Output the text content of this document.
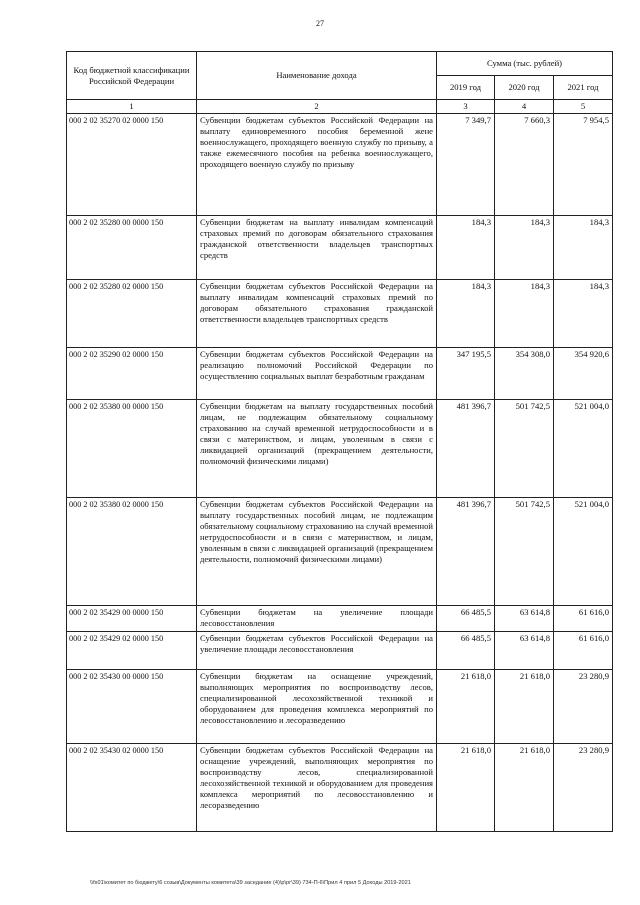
27
Код бюджетной классификации Российской Федерации	Наименование дохода	Сумма (тыс. рублей)		
		2019 год	2020 год	2021 год
1	2	3	4	5
000 2 02 35270 02 0000 150	Субвенции бюджетам субъектов Российской Федерации на выплату единовременного пособия беременной жене военнослужащего, проходящего военную службу по призыву, а также ежемесячного пособия на ребенка военнослужащего, проходящего военную службу по призыву	7 349,7	7 660,3	7 954,5
000 2 02 35280 00 0000 150	Субвенции бюджетам на выплату инвалидам компенсаций страховых премий по договорам обязательного страхования гражданской ответственности владельцев транспортных средств	184,3	184,3	184,3
000 2 02 35280 02 0000 150	Субвенции бюджетам субъектов Российской Федерации на выплату инвалидам компенсаций страховых премий по договорам обязательного страхования гражданской ответственности владельцев транспортных средств	184,3	184,3	184,3
000 2 02 35290 02 0000 150	Субвенции бюджетам субъектов Российской Федерации на реализацию полномочий Российской Федерации по осуществлению социальных выплат безработным гражданам	347 195,5	354 308,0	354 920,6
000 2 02 35380 00 0000 150	Субвенции бюджетам на выплату государственных пособий лицам, не подлежащим обязательному социальному страхованию на случай временной нетрудоспособности и в связи с материнством, и лицам, уволенным в связи с ликвидацией организаций (прекращением деятельности, полномочий физическими лицами)	481 396,7	501 742,5	521 004,0
000 2 02 35380 02 0000 150	Субвенции бюджетам субъектов Российской Федерации на выплату государственных пособий лицам, не подлежащим обязательному социальному страхованию на случай временной нетрудоспособности и в связи с материнством, и лицам, уволенным в связи с ликвидацией организаций (прекращением деятельности, полномочий физическими лицами)	481 396,7	501 742,5	521 004,0
000 2 02 35429 00 0000 150	Субвенции бюджетам на увеличение площади лесовосстановления	66 485,5	63 614,8	61 616,0
000 2 02 35429 02 0000 150	Субвенции бюджетам субъектов Российской Федерации на увеличение площади лесовосстановления	66 485,5	63 614,8	61 616,0
000 2 02 35430 00 0000 150	Субвенции бюджетам на оснащение учреждений, выполняющих мероприятия по воспроизводству лесов, специализированной лесохозяйственной техникой и оборудованием для проведения комплекса мероприятий по лесовосстановлению и лесоразведению	21 618,0	21 618,0	23 280,9
000 2 02 35430 02 0000 150	Субвенции бюджетам субъектов Российской Федерации на оснащение учреждений, выполняющих мероприятия по воспроизводству лесов, специализированной лесохозяйственной техникой и оборудованием для проведения комплекса мероприятий по лесовосстановлению и лесоразведению	21 618,0	21 618,0	23 280,9
\\fs01\комитет по бюджету\6 созыв\Документы комитета\39 заседание (4)\р\рг\39) 734-П-6\Прил 4 прил 5 Доходы 2019-2021
